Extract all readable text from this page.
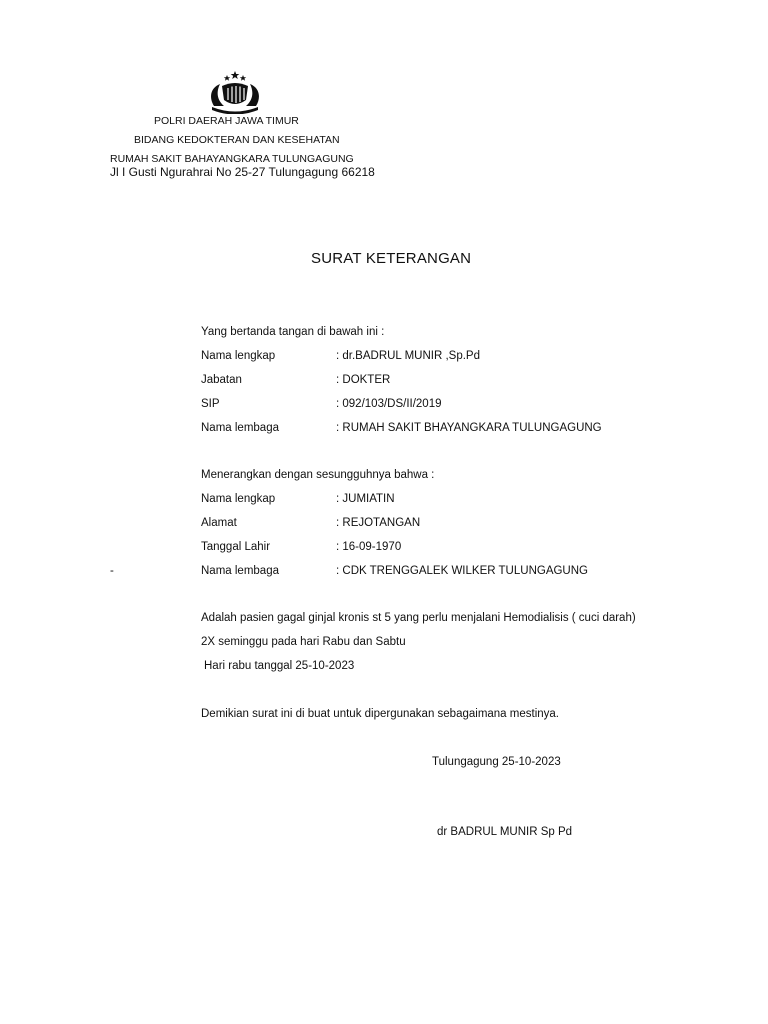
POLRI DAERAH JAWA TIMUR
BIDANG KEDOKTERAN DAN KESEHATAN
RUMAH SAKIT BAHAYANGKARA TULUNGAGUNG
Jl I Gusti Ngurahrai No 25-27 Tulungagung 66218
SURAT KETERANGAN
Yang bertanda tangan di bawah ini :
Nama lengkap	: dr.BADRUL MUNIR ,Sp.Pd
Jabatan	: DOKTER
SIP	: 092/103/DS/II/2019
Nama lembaga	: RUMAH SAKIT BHAYANGKARA TULUNGAGUNG
Menerangkan dengan sesungguhnya bahwa :
Nama lengkap	: JUMIATIN
Alamat	: REJOTANGAN
Tanggal Lahir	: 16-09-1970
-	Nama lembaga	: CDK TRENGGALEK WILKER TULUNGAGUNG
Adalah pasien gagal ginjal kronis st 5 yang perlu menjalani Hemodialisis ( cuci darah)
2X seminggu pada hari Rabu dan Sabtu
Hari rabu tanggal 25-10-2023
Demikian surat ini di buat untuk dipergunakan sebagaimana mestinya.
Tulungagung 25-10-2023
dr BADRUL MUNIR Sp Pd
